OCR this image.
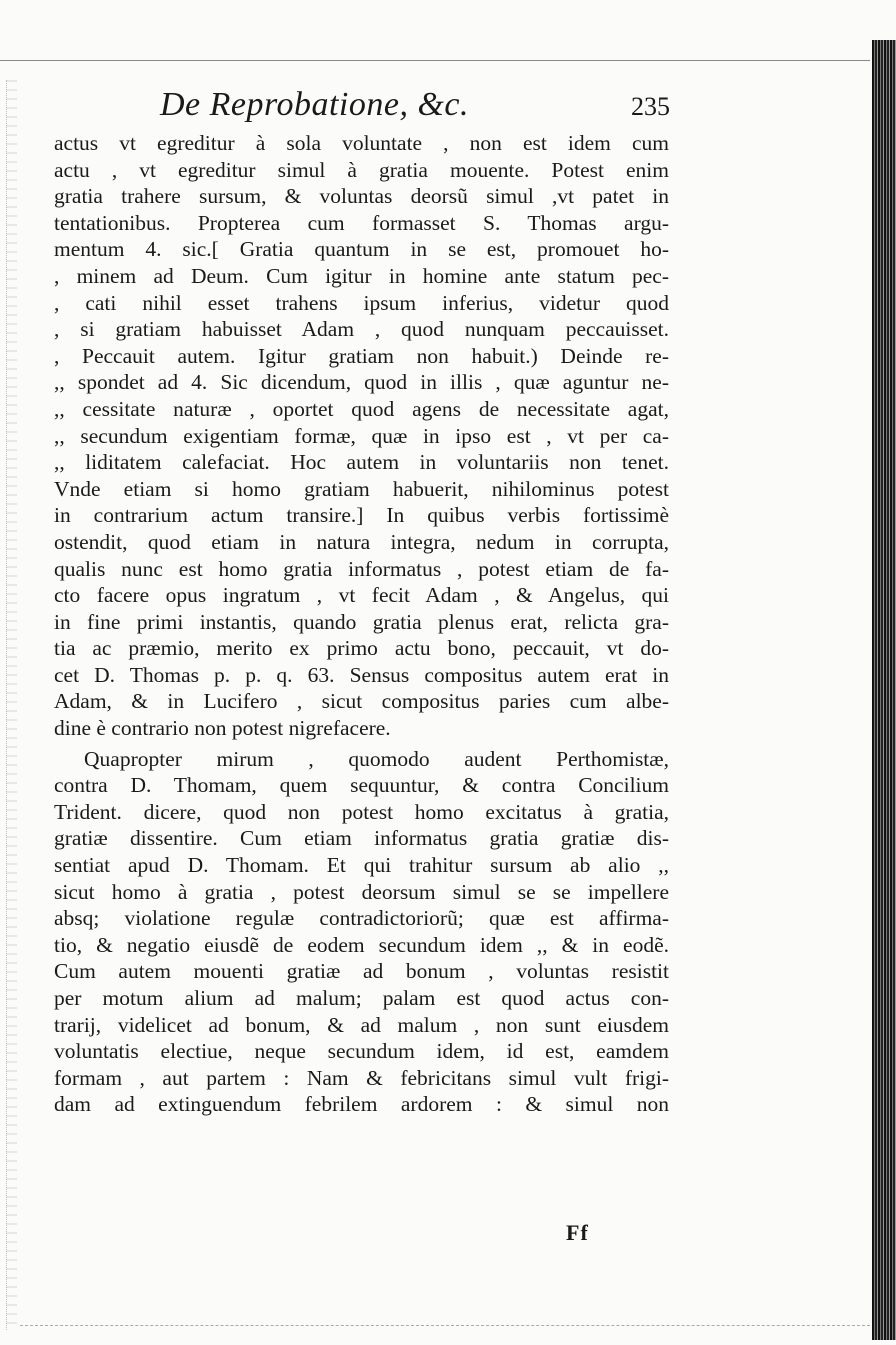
De Reprobatione, &c.	235
actus vt egreditur à sola voluntate , non est idem cum
actu , vt egreditur simul à gratia mouente. Potest enim
gratia trahere sursum, & voluntas deorsũ simul ,vt patet in
tentationibus. Propterea cum formasset S. Thomas argu-
mentum 4. sic.[ Gratia quantum in se est, promouet ho-
, minem ad Deum. Cum igitur in homine ante statum pec-
, cati nihil esset trahens ipsum inferius, videtur quod
, si gratiam habuisset Adam , quod nunquam peccauisset.
, Peccauit autem. Igitur gratiam non habuit.) Deinde re-
,, spondet ad 4. Sic dicendum, quod in illis , quæ aguntur ne-
,, cessitate naturæ , oportet quod agens de necessitate agat,
,, secundum exigentiam formæ, quæ in ipso est , vt per ca-
,, liditatem calefaciat. Hoc autem in voluntariis non tenet.
Vnde etiam si homo gratiam habuerit, nihilominus potest
in contrarium actum transire.] In quibus verbis fortissimè
ostendit, quod etiam in natura integra, nedum in corrupta,
qualis nunc est homo gratia informatus , potest etiam de fa-
cto facere opus ingratum , vt fecit Adam , & Angelus, qui
in fine primi instantis, quando gratia plenus erat, relicta gra-
tia ac præmio, merito ex primo actu bono, peccauit, vt do-
cet D. Thomas p. p. q. 63. Sensus compositus autem erat in
Adam, & in Lucifero , sicut compositus paries cum albe-
dine è contrario non potest nigrefacere.
Quapropter mirum , quomodo audent Perthomistæ,
contra D. Thomam, quem sequuntur, & contra Concilium
Trident. dicere, quod non potest homo excitatus à gratia,
gratiæ dissentire. Cum etiam informatus gratia gratiæ dis-
sentiat apud D. Thomam. Et qui trahitur sursum ab alio ,,
sicut homo à gratia , potest deorsum simul se se impellere
absq; violatione regulæ contradictoriorũ; quæ est affirma-
tio, & negatio eiusdẽ de eodem secundum idem ,, & in eodẽ.
Cum autem mouenti gratiæ ad bonum , voluntas resistit
per motum alium ad malum; palam est quod actus con-
trarij, videlicet ad bonum, & ad malum , non sunt eiusdem
voluntatis electiue, neque secundum idem, id est, eamdem
formam , aut partem : Nam & febricitans simul vult frigi-
dam ad extinguendum febrilem ardorem : & simul non
Ff
